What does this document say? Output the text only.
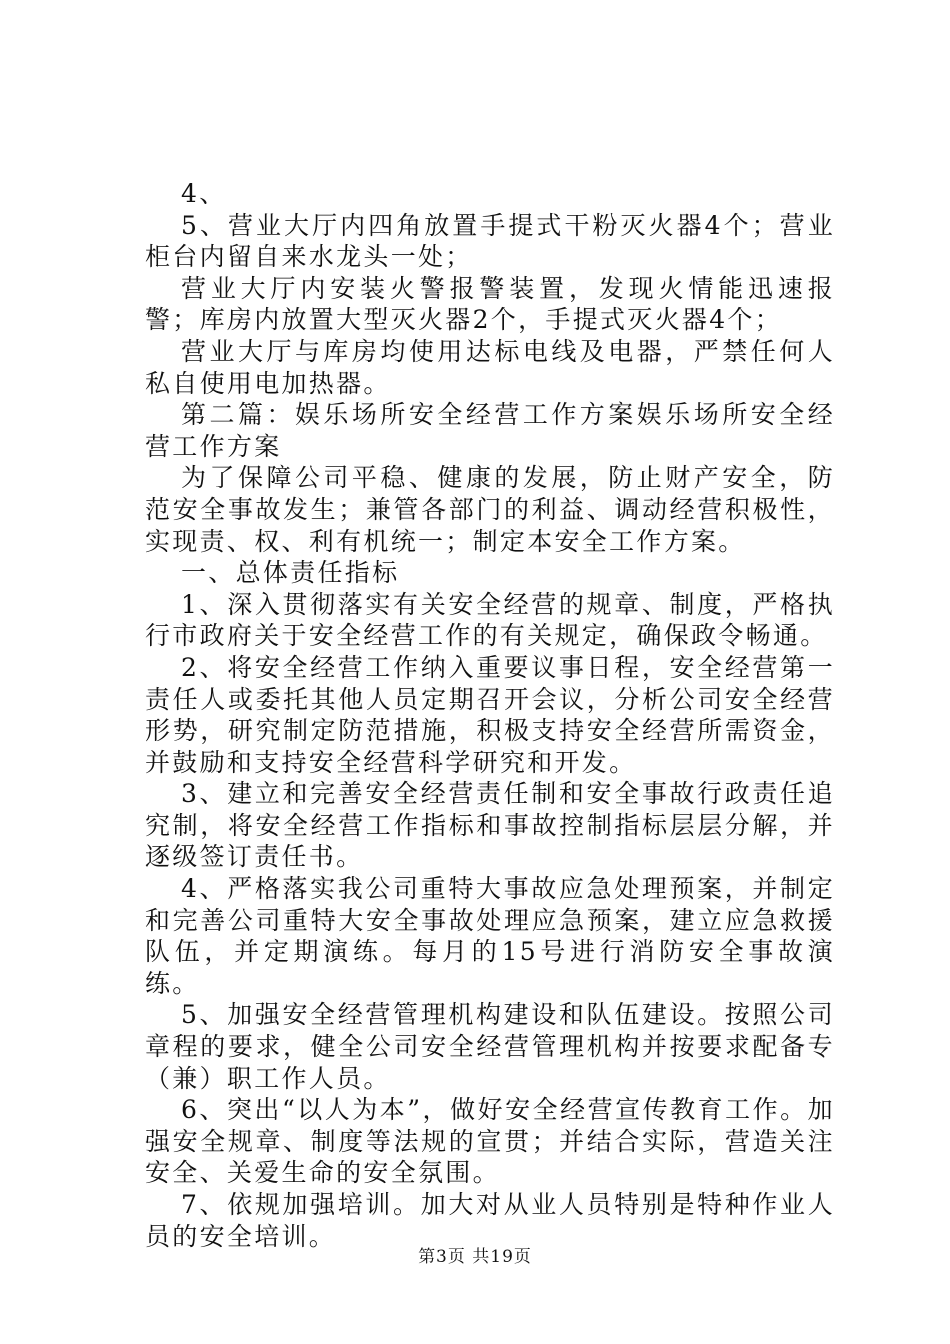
4、

5、营业大厅内四角放置手提式干粉灭火器4个；营业柜台内留自来水龙头一处；

营业大厅内安装火警报警装置，发现火情能迅速报警；库房内放置大型灭火器2个，手提式灭火器4个；

营业大厅与库房均使用达标电线及电器，严禁任何人私自使用电加热器。

第二篇：娱乐场所安全经营工作方案娱乐场所安全经营工作方案

为了保障公司平稳、健康的发展，防止财产安全，防范安全事故发生；兼管各部门的利益、调动经营积极性，实现责、权、利有机统一；制定本安全工作方案。

一、总体责任指标

1、深入贯彻落实有关安全经营的规章、制度，严格执行市政府关于安全经营工作的有关规定，确保政令畅通。

2、将安全经营工作纳入重要议事日程，安全经营第一责任人或委托其他人员定期召开会议，分析公司安全经营形势，研究制定防范措施，积极支持安全经营所需资金，并鼓励和支持安全经营科学研究和开发。

3、建立和完善安全经营责任制和安全事故行政责任追究制，将安全经营工作指标和事故控制指标层层分解，并逐级签订责任书。

4、严格落实我公司重特大事故应急处理预案，并制定和完善公司重特大安全事故处理应急预案，建立应急救援队伍，并定期演练。每月的15号进行消防安全事故演练。

5、加强安全经营管理机构建设和队伍建设。按照公司章程的要求，健全公司安全经营管理机构并按要求配备专（兼）职工作人员。

6、突出“以人为本”，做好安全经营宣传教育工作。加强安全规章、制度等法规的宣贯；并结合实际，营造关注安全、关爱生命的安全氛围。

7、依规加强培训。加大对从业人员特别是特种作业人员的安全培训。

第3页 共19页
